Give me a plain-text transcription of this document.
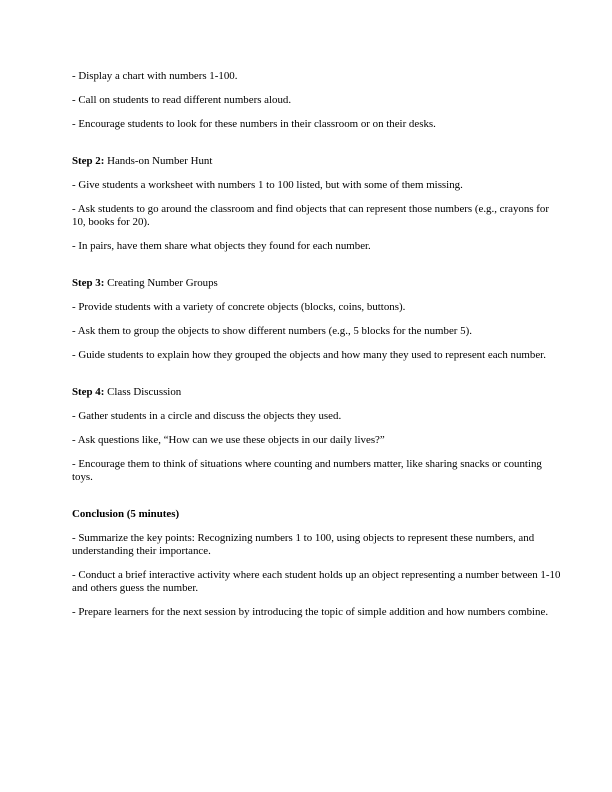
- Display a chart with numbers 1-100.

- Call on students to read different numbers aloud.

- Encourage students to look for these numbers in their classroom or on their desks.

Step 2: Hands-on Number Hunt

- Give students a worksheet with numbers 1 to 100 listed, but with some of them missing.

- Ask students to go around the classroom and find objects that can represent those numbers (e.g., crayons for 10, books for 20).

- In pairs, have them share what objects they found for each number.

Step 3: Creating Number Groups

- Provide students with a variety of concrete objects (blocks, coins, buttons).

- Ask them to group the objects to show different numbers (e.g., 5 blocks for the number 5).

- Guide students to explain how they grouped the objects and how many they used to represent each number.

Step 4: Class Discussion

- Gather students in a circle and discuss the objects they used.

- Ask questions like, “How can we use these objects in our daily lives?”

- Encourage them to think of situations where counting and numbers matter, like sharing snacks or counting toys.

Conclusion (5 minutes)

- Summarize the key points: Recognizing numbers 1 to 100, using objects to represent these numbers, and understanding their importance.

- Conduct a brief interactive activity where each student holds up an object representing a number between 1-10 and others guess the number.

- Prepare learners for the next session by introducing the topic of simple addition and how numbers combine.
